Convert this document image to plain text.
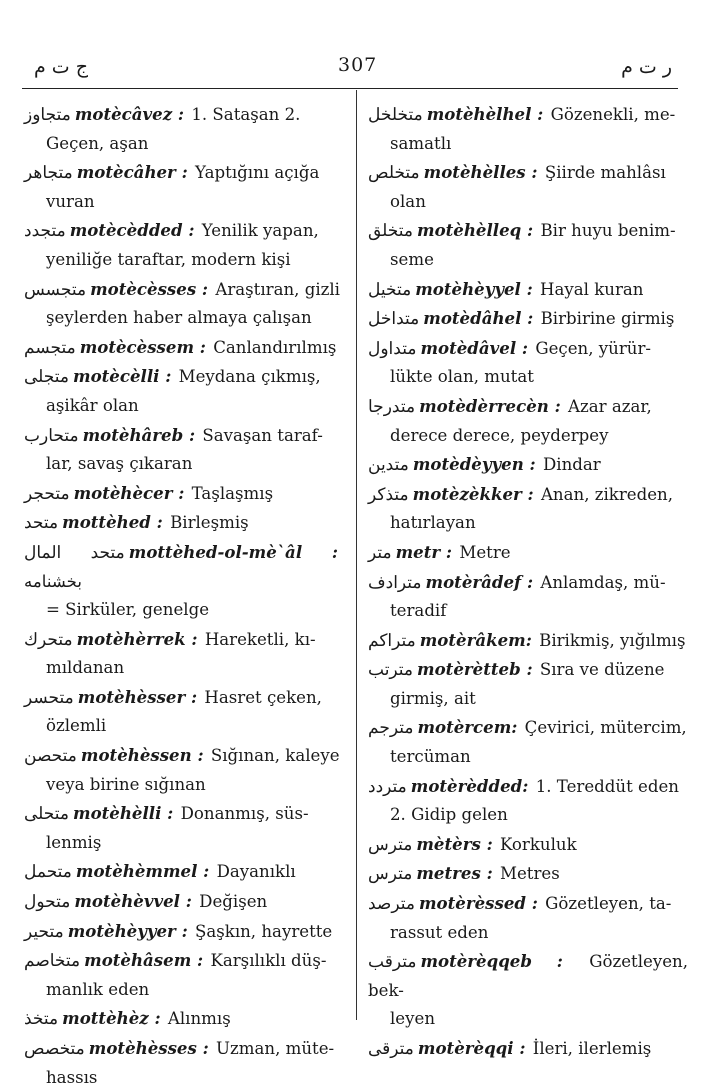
ج ت م	307	ر ت م
متجاوز motècâvez : 1. Sataşan 2.
Geçen, aşan
متجاهر motècâher : Yaptığını açığa
vuran
متجدد motècèdded : Yenilik yapan,
yeniliğe taraftar, modern kişi
متجسس motècèsses : Araştıran, gizli
şeylerden haber almaya çalışan
متجسم motècèssem : Canlandırılmış
متجلى motècèlli : Meydana çıkmış,
aşikâr olan
متحارب motèhâreb : Savaşan taraf-
lar, savaş çıkaran
متحجر motèhècer : Taşlaşmış
متحد mottèhed : Birleşmiş
متحد المال mottèhed-ol-mè`âl : بخشنامه
= Sirküler, genelge
متحرك motèhèrrek : Hareketli, kı-
mıldanan
متحسر motèhèsser : Hasret çeken,
özlemli
متحصن motèhèssen : Sığınan, kaleye
veya birine sığınan
متحلى motèhèlli : Donanmış, süs-
lenmiş
متحمل motèhèmmel : Dayanıklı
متحول motèhèvvel : Değişen
متحير motèhèyyer : Şaşkın, hayrette
متخاصم motèhâsem : Karşılıklı düş-
manlık eden
متخذ mottèhèz : Alınmış
متخصص motèhèsses : Uzman, müte-
hassıs
متخلخل motèhèlhel : Gözenekli, me-
samatlı
متخلص motèhèlles : Şiirde mahlâsı
olan
متخلق motèhèlleq : Bir huyu benim-
seme
متخيل motèhèyyel : Hayal kuran
متداخل motèdâhel : Birbirine girmiş
متداول motèdâvel : Geçen, yürür-
lükte olan, mutat
متدرجا motèdèrrecèn : Azar azar,
derece derece, peyderpey
متدين motèdèyyen : Dindar
متذكر motèzèkker : Anan, zikreden,
hatırlayan
متر metr : Metre
مترادف motèrâdef : Anlamdaş, mü-
teradif
متراكم motèrâkem: Birikmiş, yığılmış
مترتب motèrètteb : Sıra ve düzene
girmiş, ait
مترجم motèrcem: Çevirici, mütercim,
tercüman
متردد motèrèdded: 1. Tereddüt eden
2. Gidip gelen
مترس mètèrs : Korkuluk
مترس metres : Metres
مترصد motèrèssed : Gözetleyen, ta-
rassut eden
مترقب motèrèqqeb : Gözetleyen, bek-
leyen
مترقى motèrèqqi : İleri, ilerlemiş
